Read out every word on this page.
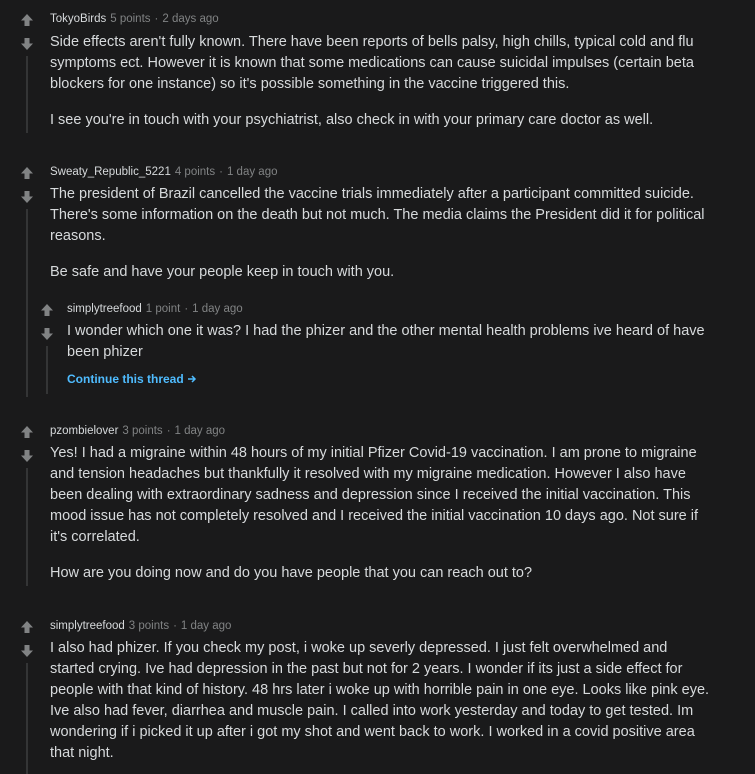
TokyoBirds 5 points · 2 days ago

Side effects aren't fully known. There have been reports of bells palsy, high chills, typical cold and flu symptoms ect. However it is known that some medications can cause suicidal impulses (certain beta blockers for one instance) so it's possible something in the vaccine triggered this.

I see you're in touch with your psychiatrist, also check in with your primary care doctor as well.

Sweaty_Republic_5221 4 points · 1 day ago

The president of Brazil cancelled the vaccine trials immediately after a participant committed suicide. There's some information on the death but not much. The media claims the President did it for political reasons.

Be safe and have your people keep in touch with you.

simplytreefood 1 point · 1 day ago

I wonder which one it was? I had the phizer and the other mental health problems ive heard of have been phizer

Continue this thread
pzombielover 3 points · 1 day ago

Yes! I had a migraine within 48 hours of my initial Pfizer Covid-19 vaccination. I am prone to migraine and tension headaches but thankfully it resolved with my migraine medication. However I also have been dealing with extraordinary sadness and depression since I received the initial vaccination. This mood issue has not completely resolved and I received the initial vaccination 10 days ago. Not sure if it's correlated.

How are you doing now and do you have people that you can reach out to?

simplytreefood 3 points · 1 day ago

I also had phizer. If you check my post, i woke up severly depressed. I just felt overwhelmed and started crying. Ive had depression in the past but not for 2 years. I wonder if its just a side effect for people with that kind of history. 48 hrs later i woke up with horrible pain in one eye. Looks like pink eye. Ive also had fever, diarrhea and muscle pain. I called into work yesterday and today to get tested. Im wondering if i picked it up after i got my shot and went back to work. I worked in a covid positive area that night.
